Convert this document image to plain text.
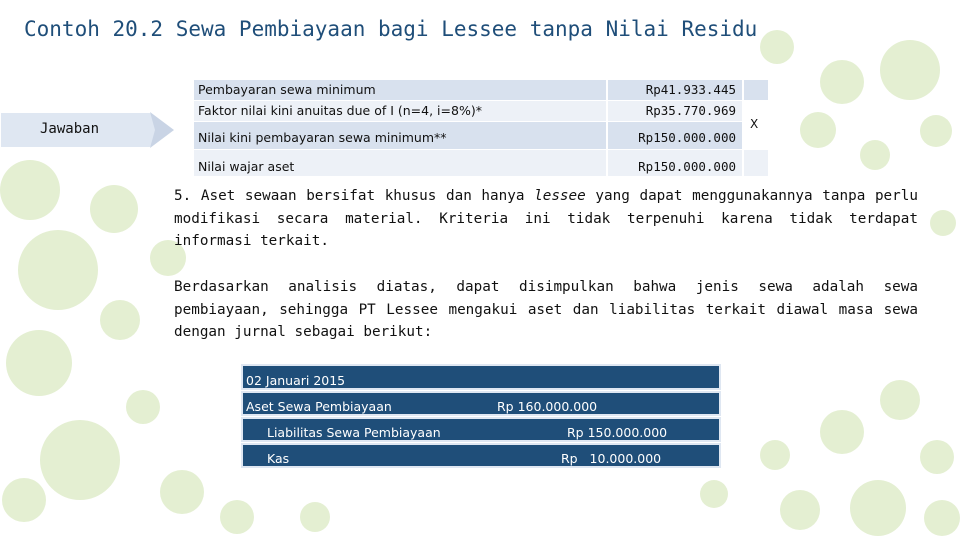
Contoh 20.2 Sewa Pembiayaan bagi Lessee tanpa Nilai Residu
Jawaban
Pembayaran sewa minimum	Rp41.933.445
Faktor nilai kini anuitas due of I (n=4, i=8%)*	Rp35.770.969
Nilai kini pembayaran sewa minimum**	Rp150.000.000
X
Nilai wajar aset	Rp150.000.000

5. Aset sewaan bersifat khusus dan hanya lessee yang dapat menggunakannya tanpa perlu modifikasi secara material. Kriteria ini tidak terpenuhi karena tidak terdapat informasi terkait.

Berdasarkan analisis diatas, dapat disimpulkan bahwa jenis sewa adalah sewa pembiayaan, sehingga PT Lessee mengakui aset dan liabilitas terkait diawal masa sewa dengan jurnal sebagai berikut:

02 Januari 2015
Aset Sewa Pembiayaan	Rp 160.000.000
Liabilitas Sewa Pembiayaan	Rp 150.000.000
Kas	Rp   10.000.000
